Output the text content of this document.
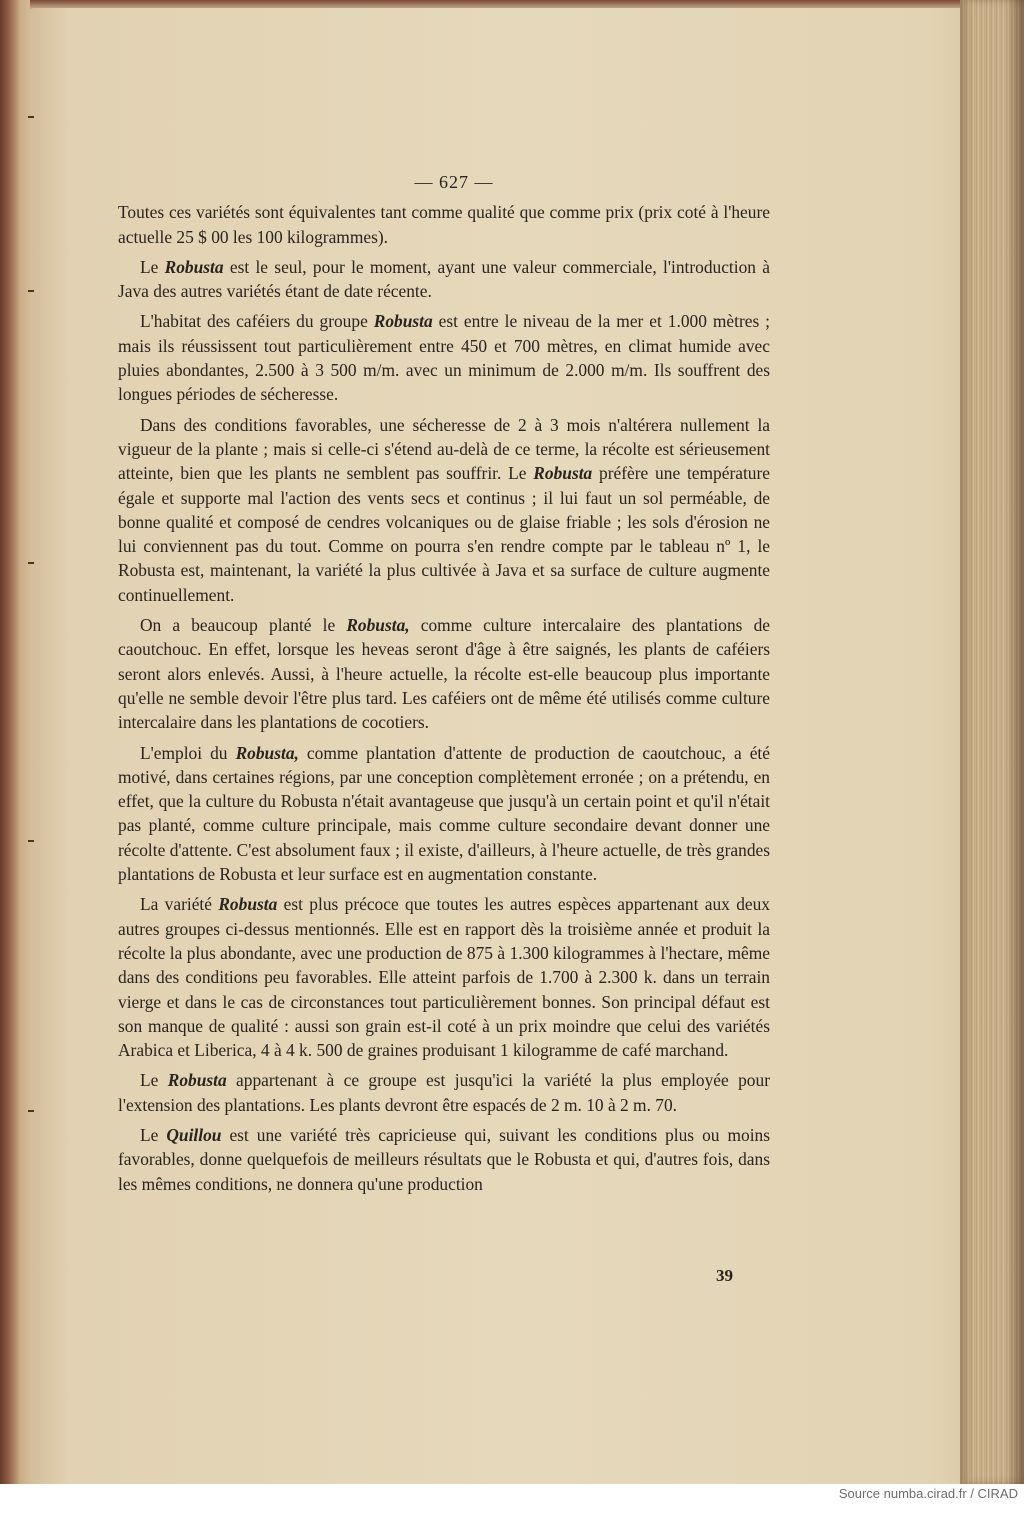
— 627 —

Toutes ces variétés sont équivalentes tant comme qualité que comme prix (prix coté à l'heure actuelle 25 $ 00 les 100 kilogrammes).

Le Robusta est le seul, pour le moment, ayant une valeur commerciale, l'introduction à Java des autres variétés étant de date récente.

L'habitat des caféiers du groupe Robusta est entre le niveau de la mer et 1.000 mètres ; mais ils réussissent tout particulièrement entre 450 et 700 mètres, en climat humide avec pluies abondantes, 2.500 à 3 500 m/m. avec un minimum de 2.000 m/m. Ils souffrent des longues périodes de sécheresse.

Dans des conditions favorables, une sécheresse de 2 à 3 mois n'altérera nullement la vigueur de la plante ; mais si celle-ci s'étend au-delà de ce terme, la récolte est sérieusement atteinte, bien que les plants ne semblent pas souffrir. Le Robusta préfère une température égale et supporte mal l'action des vents secs et continus ; il lui faut un sol perméable, de bonne qualité et composé de cendres volcaniques ou de glaise friable ; les sols d'érosion ne lui conviennent pas du tout. Comme on pourra s'en rendre compte par le tableau nº 1, le Robusta est, maintenant, la variété la plus cultivée à Java et sa surface de culture augmente continuellement.

On a beaucoup planté le Robusta, comme culture intercalaire des plantations de caoutchouc. En effet, lorsque les heveas seront d'âge à être saignés, les plants de caféiers seront alors enlevés. Aussi, à l'heure actuelle, la récolte est-elle beaucoup plus importante qu'elle ne semble devoir l'être plus tard. Les caféiers ont de même été utilisés comme culture intercalaire dans les plantations de cocotiers.

L'emploi du Robusta, comme plantation d'attente de production de caoutchouc, a été motivé, dans certaines régions, par une conception complètement erronée ; on a prétendu, en effet, que la culture du Robusta n'était avantageuse que jusqu'à un certain point et qu'il n'était pas planté, comme culture principale, mais comme culture secondaire devant donner une récolte d'attente. C'est absolument faux ; il existe, d'ailleurs, à l'heure actuelle, de très grandes plantations de Robusta et leur surface est en augmentation constante.

La variété Robusta est plus précoce que toutes les autres espèces appartenant aux deux autres groupes ci-dessus mentionnés. Elle est en rapport dès la troisième année et produit la récolte la plus abondante, avec une production de 875 à 1.300 kilogrammes à l'hectare, même dans des conditions peu favorables. Elle atteint parfois de 1.700 à 2.300 k. dans un terrain vierge et dans le cas de circonstances tout particulièrement bonnes. Son principal défaut est son manque de qualité : aussi son grain est-il coté à un prix moindre que celui des variétés Arabica et Liberica, 4 à 4 k. 500 de graines produisant 1 kilogramme de café marchand.

Le Robusta appartenant à ce groupe est jusqu'ici la variété la plus employée pour l'extension des plantations. Les plants devront être espacés de 2 m. 10 à 2 m. 70.

Le Quillou est une variété très capricieuse qui, suivant les conditions plus ou moins favorables, donne quelquefois de meilleurs résultats que le Robusta et qui, d'autres fois, dans les mêmes conditions, ne donnera qu'une production

39
Source numba.cirad.fr / CIRAD
